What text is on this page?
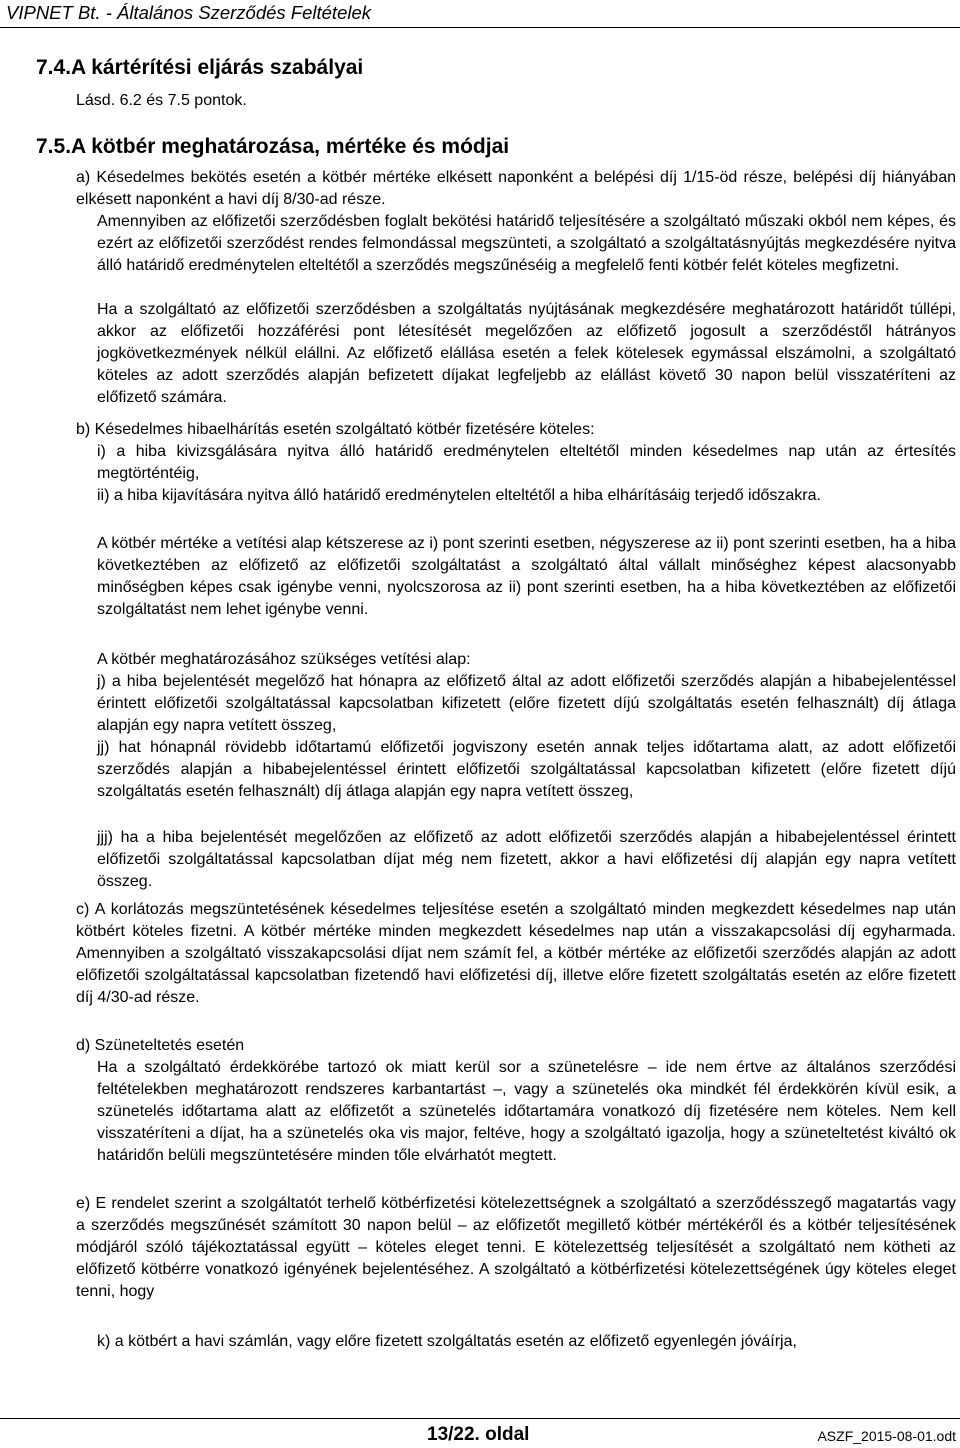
VIPNET Bt. - Általános Szerződés Feltételek
7.4.A kártérítési eljárás szabályai
Lásd. 6.2 és 7.5 pontok.
7.5.A kötbér meghatározása, mértéke és módjai
a) Késedelmes bekötés esetén a kötbér mértéke elkésett naponként a belépési díj 1/15-öd része, belépési díj hiányában elkésett naponként a havi díj 8/30-ad része.
Amennyiben az előfizetői szerződésben foglalt bekötési határidő teljesítésére a szolgáltató műszaki okból nem képes, és ezért az előfizetői szerződést rendes felmondással megszünteti, a szolgáltató a szolgáltatásnyújtás megkezdésére nyitva álló határidő eredménytelen elteltétől a szerződés megszűnéséig a megfelelő fenti kötbér felét köteles megfizetni.
Ha a szolgáltató az előfizetői szerződésben a szolgáltatás nyújtásának megkezdésére meghatározott határidőt túllépi, akkor az előfizetői hozzáférési pont létesítését megelőzően az előfizető jogosult a szerződéstől hátrányos jogkövetkezmények nélkül elállni. Az előfizető elállása esetén a felek kötelesek egymással elszámolni, a szolgáltató köteles az adott szerződés alapján befizetett díjakat legfeljebb az elállást követő 30 napon belül visszatéríteni az előfizető számára.
b) Késedelmes hibaelhárítás esetén szolgáltató kötbér fizetésére köteles:
i) a hiba kivizsgálására nyitva álló határidő eredménytelen elteltétől minden késedelmes nap után az értesítés megtörténtéig,
ii) a hiba kijavítására nyitva álló határidő eredménytelen elteltétől a hiba elhárításáig terjedő időszakra.
A kötbér mértéke a vetítési alap kétszerese az i) pont szerinti esetben, négyszerese az ii) pont szerinti esetben, ha a hiba következtében az előfizető az előfizetői szolgáltatást a szolgáltató által vállalt minőséghez képest alacsonyabb minőségben képes csak igénybe venni, nyolcszorosa az ii) pont szerinti esetben, ha a hiba következtében az előfizetői szolgáltatást nem lehet igénybe venni.
A kötbér meghatározásához szükséges vetítési alap:
j) a hiba bejelentését megelőző hat hónapra az előfizető által az adott előfizetői szerződés alapján a hibabejelentéssel érintett előfizetői szolgáltatással kapcsolatban kifizetett (előre fizetett díjú szolgáltatás esetén felhasznált) díj átlaga alapján egy napra vetített összeg,
jj) hat hónapnál rövidebb időtartamú előfizetői jogviszony esetén annak teljes időtartama alatt, az adott előfizetői szerződés alapján a hibabejelentéssel érintett előfizetői szolgáltatással kapcsolatban kifizetett (előre fizetett díjú szolgáltatás esetén felhasznált) díj átlaga alapján egy napra vetített összeg,
jjj) ha a hiba bejelentését megelőzően az előfizető az adott előfizetői szerződés alapján a hibabejelentéssel érintett előfizetői szolgáltatással kapcsolatban díjat még nem fizetett, akkor a havi előfizetési díj alapján egy napra vetített összeg.
c) A korlátozás megszüntetésének késedelmes teljesítése esetén a szolgáltató minden megkezdett késedelmes nap után kötbért köteles fizetni. A kötbér mértéke minden megkezdett késedelmes nap után a visszakapcsolási díj egyharmada. Amennyiben a szolgáltató visszakapcsolási díjat nem számít fel, a kötbér mértéke az előfizetői szerződés alapján az adott előfizetői szolgáltatással kapcsolatban fizetendő havi előfizetési díj, illetve előre fizetett szolgáltatás esetén az előre fizetett díj 4/30-ad része.
d) Szüneteltetés esetén
Ha a szolgáltató érdekkörébe tartozó ok miatt kerül sor a szünetelésre – ide nem értve az általános szerződési feltételekben meghatározott rendszeres karbantartást –, vagy a szünetelés oka mindkét fél érdekkörén kívül esik, a szünetelés időtartama alatt az előfizetőt a szünetelés időtartamára vonatkozó díj fizetésére nem köteles. Nem kell visszatéríteni a díjat, ha a szünetelés oka vis major, feltéve, hogy a szolgáltató igazolja, hogy a szüneteltetést kiváltó ok határidőn belüli megszüntetésére minden tőle elvárhatót megtett.
e) E rendelet szerint a szolgáltatót terhelő kötbérfizetési kötelezettségnek a szolgáltató a szerződésszegő magatartás vagy a szerződés megszűnését számított 30 napon belül – az előfizetőt megillető kötbér mértékéről és a kötbér teljesítésének módjáról szóló tájékoztatással együtt – köteles eleget tenni. E kötelezettség teljesítését a szolgáltató nem kötheti az előfizető kötbérre vonatkozó igényének bejelentéséhez. A szolgáltató a kötbérfizetési kötelezettségének úgy köteles eleget tenni, hogy
k) a kötbért a havi számlán, vagy előre fizetett szolgáltatás esetén az előfizető egyenlegén jóváírja,
13/22. oldal	ASZF_2015-08-01.odt
